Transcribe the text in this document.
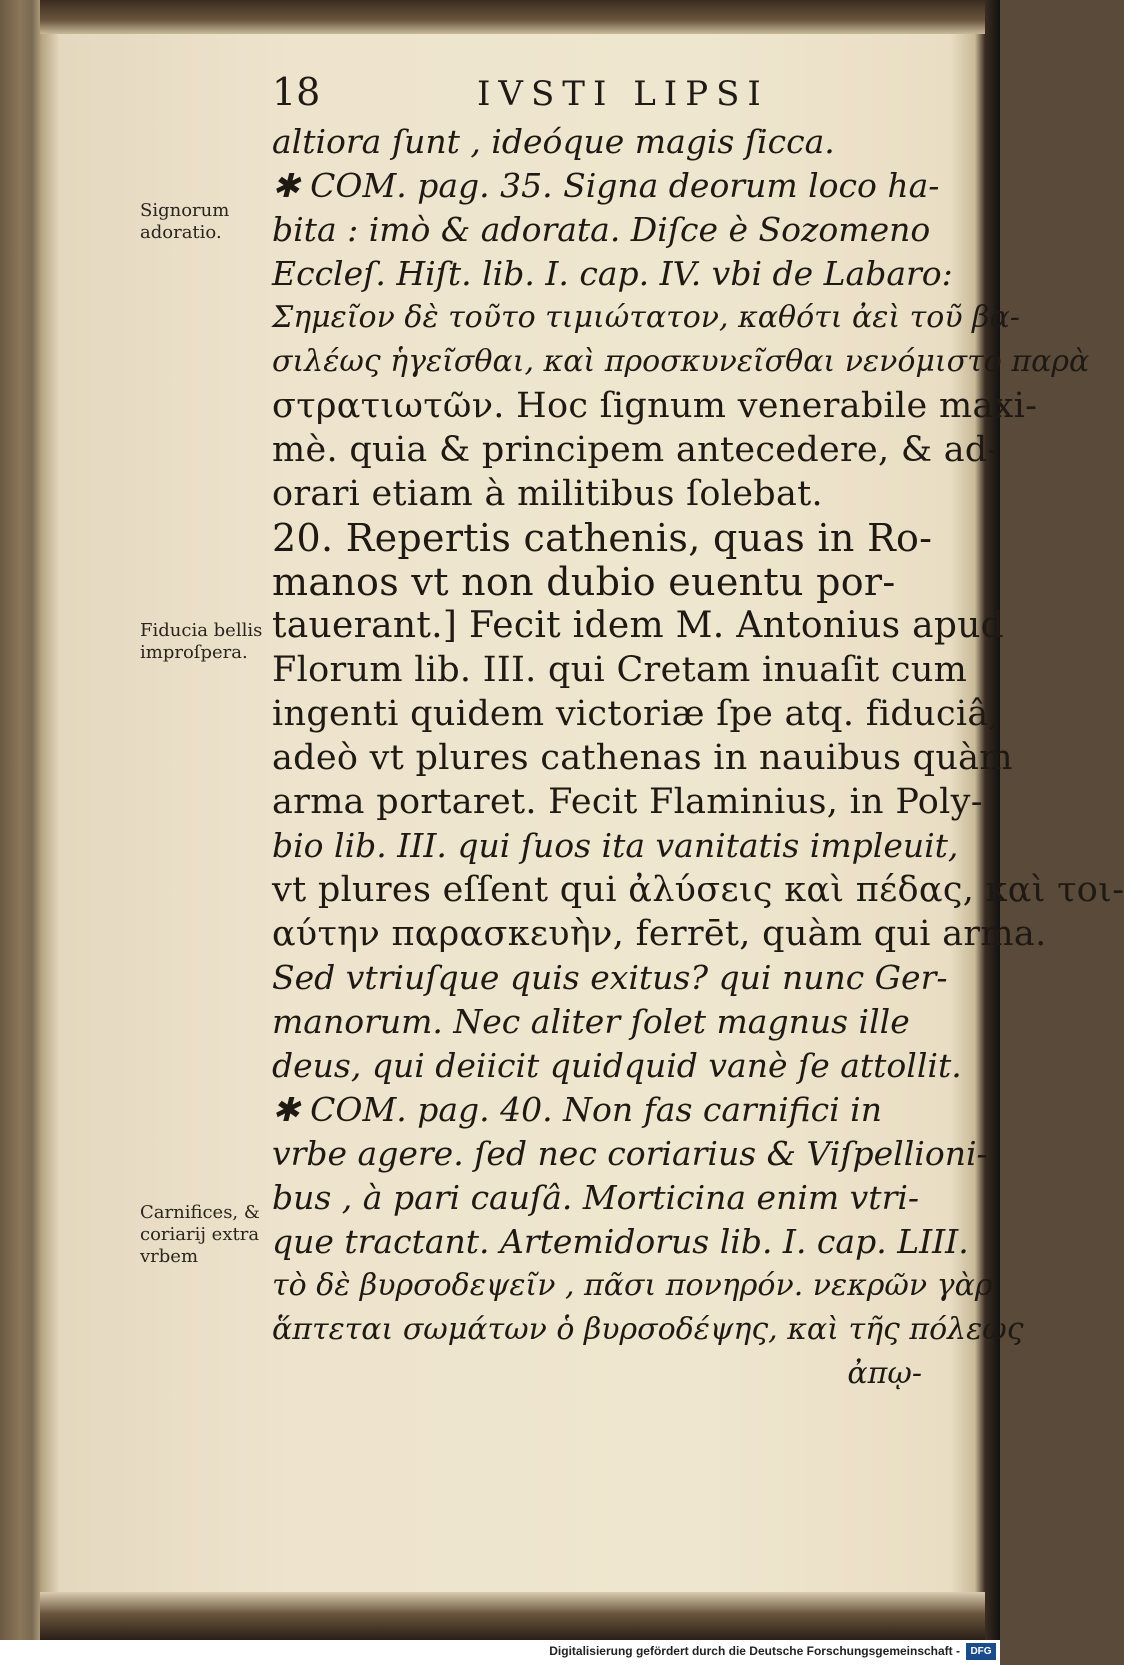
18	IVSTI LIPSI
Signorum adoratio.
Fiducia bellis improſpera.
Carnifices, & coriarij extra vrbem
altiora ſunt , ideóque magis ſicca.
✱ COM. pag. 35. Signa deorum loco ha-
bita : imò & adorata. Diſce è Sozomeno
Eccleſ. Hiſt. lib. I. cap. IV. vbi de Labaro:
Σημεῖον δὲ τοῦτο τιμιώτατον, καθότι ἀεὶ τοῦ βα-
σιλέως ἡγεῖσθαι, καὶ προσκυνεῖσθαι νενόμιστο παρὰ
στρατιωτῶν. Hoc ſignum venerabile maxi-
mè. quia & principem antecedere, & ad-
orari etiam à militibus ſolebat.
20. Repertis cathenis, quas in Ro-
manos vt non dubio euentu por-
tauerant.] Fecit idem M. Antonius apud
Florum lib. III. qui Cretam inuaſit cum
ingenti quidem victoriæ ſpe atq. fiduciâ,
adeò vt plures cathenas in nauibus quàm
arma portaret. Fecit Flaminius, in Poly-
bio lib. III. qui ſuos ita vanitatis impleuit,
vt plures eſſent qui ἀλύσεις καὶ πέδας, καὶ τοι-
αύτην παρασκευὴν, ferrēt, quàm qui arma.
Sed vtriuſque quis exitus? qui nunc Ger-
manorum. Nec aliter ſolet magnus ille
deus, qui deiicit quidquid vanè ſe attollit.
✱ COM. pag. 40. Non fas carnifici in
vrbe agere. ſed nec coriarius & Viſpellioni-
bus , à pari cauſâ. Morticina enim vtri-
que tractant. Artemidorus lib. I. cap. LIII.
τὸ δὲ βυρσοδεψεῖν , πᾶσι πονηρόν. νεκρῶν γὰρ
ἅπτεται σωμάτων ὁ βυρσοδέψης, καὶ τῆς πόλεως
ἀπῳ-
Digitalisierung gefördert durch die Deutsche Forschungsgemeinschaft -	DFG
